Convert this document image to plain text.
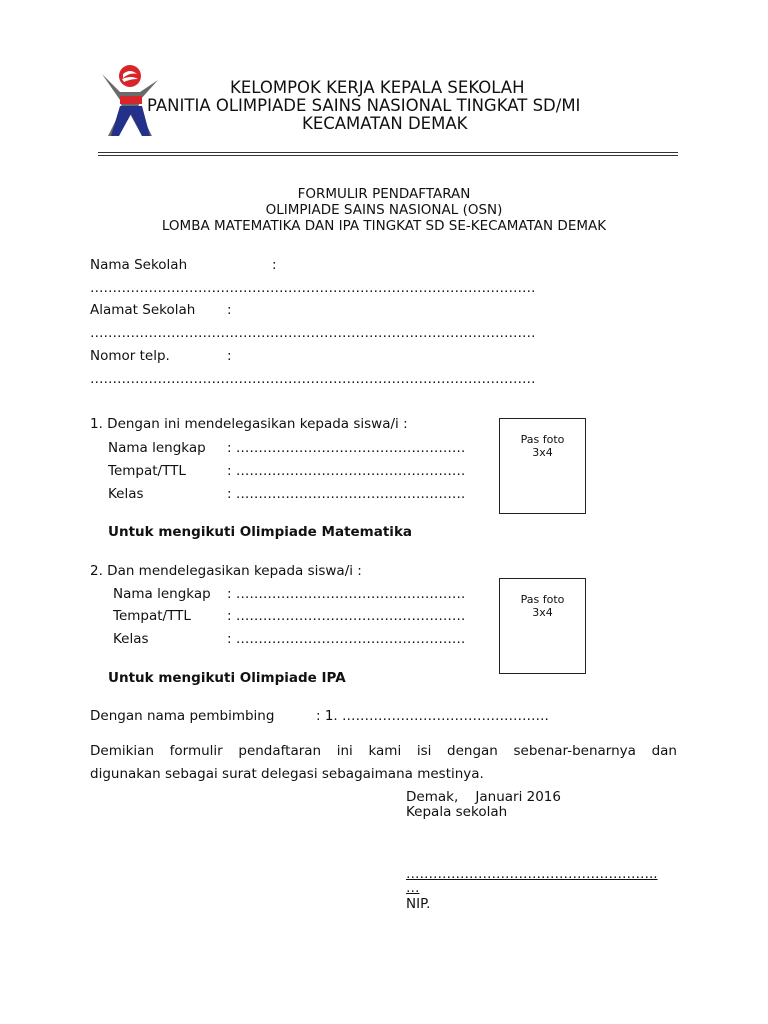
KELOMPOK KERJA KEPALA SEKOLAH
PANITIA OLIMPIADE SAINS NASIONAL TINGKAT SD/MI
KECAMATAN DEMAK
FORMULIR PENDAFTARAN
OLIMPIADE SAINS NASIONAL (OSN)
LOMBA MATEMATIKA DAN IPA TINGKAT SD SE-KECAMATAN DEMAK
Nama Sekolah	:
………………………………………………………………………………………
Alamat Sekolah :
………………………………………………………………………………………
Nomor telp.	:
………………………………………………………………………………………
1. Dengan ini mendelegasikan kepada siswa/i :
Nama lengkap : ……………………………………………
Tempat/TTL	: ……………………………………………
Kelas	: ……………………………………………
Pas foto
3x4
Untuk mengikuti Olimpiade Matematika
2. Dan mendelegasikan kepada siswa/i :
Nama lengkap : ……………………………………………
Tempat/TTL	: ……………………………………………
Kelas	: ……………………………………………
Pas foto
3x4
Untuk mengikuti Olimpiade IPA
Dengan nama pembimbing	: 1. ……………………………………….
Demikian formulir pendaftaran ini kami isi dengan sebenar-benarnya dan
digunakan sebagai surat delegasi sebagaimana mestinya.
Demak,    Januari 2016
Kepala sekolah
………………………………………………..
…
NIP.
